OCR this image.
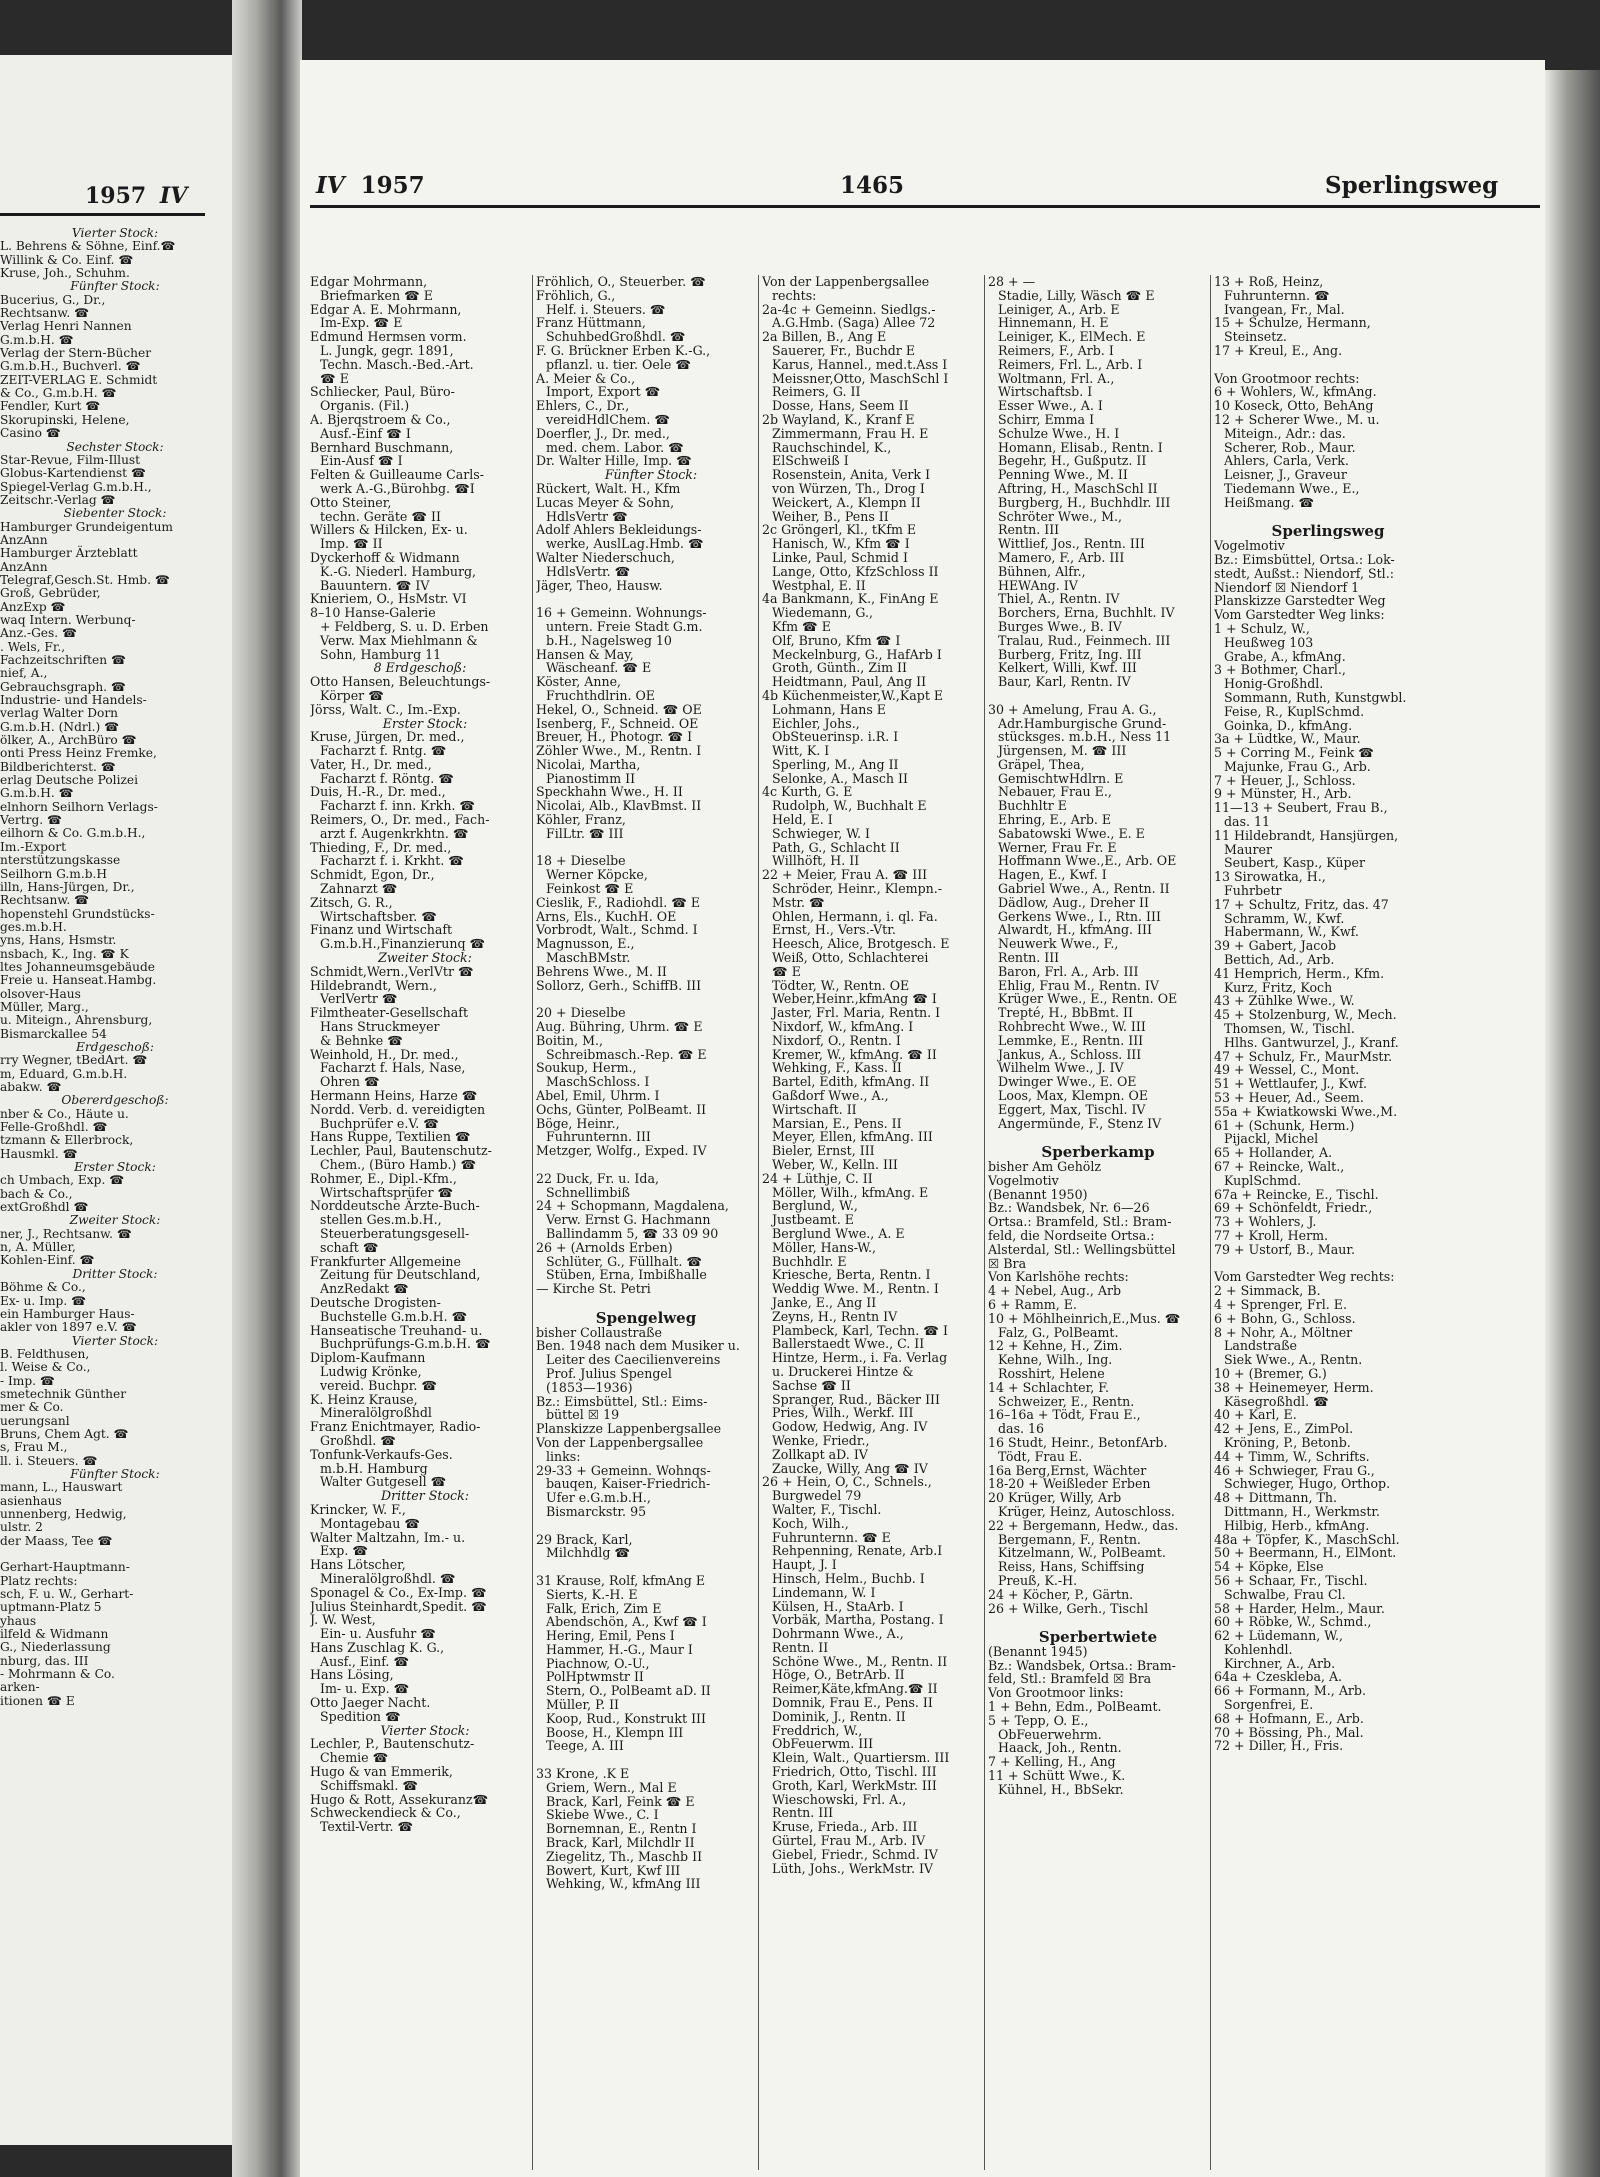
1957 IV
Vierter Stock:
L. Behrens & Söhne, Einf.☎
Willink & Co. Einf. ☎
Kruse, Joh., Schuhm.
Fünfter Stock:
Bucerius, G., Dr.,
Rechtsanw. ☎
Verlag Henri Nannen
G.m.b.H. ☎
Verlag der Stern-Bücher
G.m.b.H., Buchverl. ☎
ZEIT-VERLAG E. Schmidt
& Co., G.m.b.H. ☎
Fendler, Kurt ☎
Skorupinski, Helene,
Casino ☎
Sechster Stock:
Star-Revue, Film-Illust
Globus-Kartendienst ☎
Spiegel-Verlag G.m.b.H.,
Zeitschr.-Verlag ☎
Siebenter Stock:
Hamburger Grundeigentum
AnzAnn
Hamburger Ärzteblatt
AnzAnn
Telegraf,Gesch.St. Hmb. ☎
Groß, Gebrüder,
AnzExp ☎
waq Intern. Werbunq-
Anz.-Ges. ☎
. Wels, Fr.,
Fachzeitschriften ☎
nief, A.,
Gebrauchsgraph. ☎
Industrie- und Handels-
verlag Walter Dorn
G.m.b.H. (Ndrl.) ☎
ölker, A., ArchBüro ☎
onti Press Heinz Fremke,
Bildberichterst. ☎
erlag Deutsche Polizei
G.m.b.H. ☎
elnhorn Seilhorn Verlags-
Vertrg. ☎
eilhorn & Co. G.m.b.H.,
Im.-Export
nterstützungskasse
Seilhorn G.m.b.H
illn, Hans-Jürgen, Dr.,
Rechtsanw. ☎
hopenstehl Grundstücks-
ges.m.b.H.
yns, Hans, Hsmstr.
nsbach, K., Ing. ☎ K
ltes Johanneumsgebäude
Freie u. Hanseat.Hambg.
olsover-Haus
Müller, Marg.,
u. Miteign., Ahrensburg,
Bismarckallee 54
Erdgeschoß:
rry Wegner, tBedArt. ☎
m, Eduard, G.m.b.H.
abakw. ☎
Obererdgeschoß:
nber & Co., Häute u.
Felle-Großhdl. ☎
tzmann & Ellerbrock,
Hausmkl. ☎
Erster Stock:
ch Umbach, Exp. ☎
bach & Co.,
extGroßhdl ☎
Zweiter Stock:
ner, J., Rechtsanw. ☎
n, A. Müller,
Kohlen-Einf. ☎
Dritter Stock:
Böhme & Co.,
Ex- u. Imp. ☎
ein Hamburger Haus-
akler von 1897 e.V. ☎
Vierter Stock:
B. Feldthusen,
l. Weise & Co.,
- Imp. ☎
smetechnik Günther
mer & Co.
uerungsanl
Bruns, Chem Agt. ☎
s, Frau M.,
ll. i. Steuers. ☎
Fünfter Stock:
mann, L., Hauswart
asienhaus
unnenberg, Hedwig,
ulstr. 2
der Maass, Tee ☎

Gerhart-Hauptmann-
Platz rechts:
sch, F. u. W., Gerhart-
uptmann-Platz 5
yhaus
ilfeld & Widmann
G., Niederlassung
nburg, das. III
- Mohrmann & Co.
arken-
itionen ☎ E
IV 1957	1465	Sperlingsweg
Edgar Mohrmann,
Briefmarken ☎ E
Edgar A. E. Mohrmann,
Im-Exp. ☎ E
Edmund Hermsen vorm.
L. Jungk, gegr. 1891,
Techn. Masch.-Bed.-Art.
☎ E
Schliecker, Paul, Büro-
Organis. (Fil.)
A. Bjerqstroem & Co.,
Ausf.-Einf ☎ I
Bernhard Buschmann,
Ein-Ausf ☎ I
Felten & Guilleaume Carls-
werk A.-G.,Bürohbg. ☎I
Otto Steiner,
techn. Geräte ☎ II
Willers & Hilcken, Ex- u.
Imp. ☎ II
Dyckerhoff & Widmann
K.-G. Niederl. Hamburg,
Bauuntern. ☎ IV
Knieriem, O., HsMstr. VI
8–10 Hanse-Galerie
+ Feldberg, S. u. D. Erben
Verw. Max Miehlmann &
Sohn, Hamburg 11
8 Erdgeschoß:
Otto Hansen, Beleuchtungs-
Körper ☎
Jörss, Walt. C., Im.-Exp.
Erster Stock:
Kruse, Jürgen, Dr. med.,
Facharzt f. Rntg. ☎
Vater, H., Dr. med.,
Facharzt f. Röntg. ☎
Duis, H.-R., Dr. med.,
Facharzt f. inn. Krkh. ☎
Reimers, O., Dr. med., Fach-
arzt f. Augenkrkhtn. ☎
Thieding, F., Dr. med.,
Facharzt f. i. Krkht. ☎
Schmidt, Egon, Dr.,
Zahnarzt ☎
Zitsch, G. R.,
Wirtschaftsber. ☎
Finanz und Wirtschaft
G.m.b.H.,Finanzierunq ☎
Zweiter Stock:
Schmidt,Wern.,VerlVtr ☎
Hildebrandt, Wern.,
VerlVertr ☎
Filmtheater-Gesellschaft
Hans Struckmeyer
& Behnke ☎
Weinhold, H., Dr. med.,
Facharzt f. Hals, Nase,
Ohren ☎
Hermann Heins, Harze ☎
Nordd. Verb. d. vereidigten
Buchprüfer e.V. ☎
Hans Ruppe, Textilien ☎
Lechler, Paul, Bautenschutz-
Chem., (Büro Hamb.) ☎
Rohmer, E., Dipl.-Kfm.,
Wirtschaftsprüfer ☎
Norddeutsche Ärzte-Buch-
stellen Ges.m.b.H.,
Steuerberatungsgesell-
schaft ☎
Frankfurter Allgemeine
Zeitung für Deutschland,
AnzRedakt ☎
Deutsche Drogisten-
Buchstelle G.m.b.H. ☎
Hanseatische Treuhand- u.
Buchprüfungs-G.m.b.H. ☎
Diplom-Kaufmann
Ludwig Krönke,
vereid. Buchpr. ☎
K. Heinz Krause,
Mineralölgroßhdl
Franz Enichtmayer, Radio-
Großhdl. ☎
Tonfunk-Verkaufs-Ges.
m.b.H. Hamburg
Walter Gutgesell ☎
Dritter Stock:
Krincker, W. F.,
Montagebau ☎
Walter Maltzahn, Im.- u.
Exp. ☎
Hans Lötscher,
Mineralölgroßhdl. ☎
Sponagel & Co., Ex-Imp. ☎
Julius Steinhardt,Spedit. ☎
J. W. West,
Ein- u. Ausfuhr ☎
Hans Zuschlag K. G.,
Ausf., Einf. ☎
Hans Lösing,
Im- u. Exp. ☎
Otto Jaeger Nacht.
Spedition ☎
Vierter Stock:
Lechler, P., Bautenschutz-
Chemie ☎
Hugo & van Emmerik,
Schiffsmakl. ☎
Hugo & Rott, Assekuranz☎
Schweckendieck & Co.,
Textil-Vertr. ☎
Fröhlich, O., Steuerber. ☎
Fröhlich, G.,
Helf. i. Steuers. ☎
Franz Hüttmann,
SchuhbedGroßhdl. ☎
F. G. Brückner Erben K.-G.,
pflanzl. u. tier. Oele ☎
A. Meier & Co.,
Import, Export ☎
Ehlers, C., Dr.,
vereidHdlChem. ☎
Doerfler, J., Dr. med.,
med. chem. Labor. ☎
Dr. Walter Hille, Imp. ☎
Fünfter Stock:
Rückert, Walt. H., Kfm
Lucas Meyer & Sohn,
HdlsVertr ☎
Adolf Ahlers Bekleidungs-
werke, AuslLag.Hmb. ☎
Walter Niederschuch,
HdlsVertr. ☎
Jäger, Theo, Hausw.

16 + Gemeinn. Wohnungs-
untern. Freie Stadt G.m.
b.H., Nagelsweg 10
Hansen & May,
Wäscheanf. ☎ E
Köster, Anne,
Fruchthdlrin. OE
Hekel, O., Schneid. ☎ OE
Isenberg, F., Schneid. OE
Breuer, H., Photogr. ☎ I
Zöhler Wwe., M., Rentn. I
Nicolai, Martha,
Pianostimm II
Speckhahn Wwe., H. II
Nicolai, Alb., KlavBmst. II
Köhler, Franz,
FilLtr. ☎ III

18 + Dieselbe
Werner Köpcke,
Feinkost ☎ E
Cieslik, F., Radiohdl. ☎ E
Arns, Els., KuchH. OE
Vorbrodt, Walt., Schmd. I
Magnusson, E.,
MaschBMstr.
Behrens Wwe., M. II
Sollorz, Gerh., SchiffB. III

20 + Dieselbe
Aug. Bühring, Uhrm. ☎ E
Boitin, M.,
Schreibmasch.-Rep. ☎ E
Soukup, Herm.,
MaschSchloss. I
Abel, Emil, Uhrm. I
Ochs, Günter, PolBeamt. II
Böge, Heinr.,
Fuhrunternn. III
Metzger, Wolfg., Exped. IV

22 Duck, Fr. u. Ida,
Schnellimbiß
24 + Schopmann, Magdalena,
Verw. Ernst G. Hachmann
Ballindamm 5, ☎ 33 09 90
26 + (Arnolds Erben)
Schlüter, G., Füllhalt. ☎
Stüben, Erna, Imbißhalle
— Kirche St. Petri

Spengelweg
bisher Collaustraße
Ben. 1948 nach dem Musiker u.
Leiter des Caecilienvereins
Prof. Julius Spengel
(1853—1936)
Bz.: Eimsbüttel, Stl.: Eims-
büttel ☒ 19
Planskizze Lappenbergsallee
Von der Lappenbergsallee
links:
29-33 + Gemeinn. Wohnqs-
bauqen, Kaiser-Friedrich-
Ufer e.G.m.b.H.,
Bismarckstr. 95

29 Brack, Karl,
Milchhdlg ☎

31 Krause, Rolf, kfmAng E
Sierts, K.-H. E
Falk, Erich, Zim E
Abendschön, A., Kwf ☎ I
Hering, Emil, Pens I
Hammer, H.-G., Maur I
Piachnow, O.-U.,
PolHptwmstr II
Stern, O., PolBeamt aD. II
Müller, P. II
Koop, Rud., Konstrukt III
Boose, H., Klempn III
Teege, A. III

33 Krone, .K E
Griem, Wern., Mal E
Brack, Karl, Feink ☎ E
Skiebe Wwe., C. I
Bornemnan, E., Rentn I
Brack, Karl, Milchdlr II
Ziegelitz, Th., Maschb II
Bowert, Kurt, Kwf III
Wehking, W., kfmAng III
Von der Lappenbergsallee
rechts:
2a-4c + Gemeinn. Siedlgs.-
A.G.Hmb. (Saga) Allee 72
2a Billen, B., Ang E
Sauerer, Fr., Buchdr E
Karus, Hannel., med.t.Ass I
Meissner,Otto, MaschSchl I
Reimers, G. II
Dosse, Hans, Seem II
2b Wayland, K., Kranf E
Zimmermann, Frau H. E
Rauchschindel, K.,
ElSchweiß I
Rosenstein, Anita, Verk I
von Würzen, Th., Drog I
Weickert, A., Klempn II
Weiher, B., Pens II
2c Gröngerl, Kl., tKfm E
Hanisch, W., Kfm ☎ I
Linke, Paul, Schmid I
Lange, Otto, KfzSchloss II
Westphal, E. II
4a Bankmann, K., FinAng E
Wiedemann, G.,
Kfm ☎ E
Olf, Bruno, Kfm ☎ I
Meckelnburg, G., HafArb I
Groth, Günth., Zim II
Heidtmann, Paul, Ang II
4b Küchenmeister,W.,Kapt E
Lohmann, Hans E
Eichler, Johs.,
ObSteuerinsp. i.R. I
Witt, K. I
Sperling, M., Ang II
Selonke, A., Masch II
4c Kurth, G. E
Rudolph, W., Buchhalt E
Held, E. I
Schwieger, W. I
Path, G., Schlacht II
Willhöft, H. II
22 + Meier, Frau A. ☎ III
Schröder, Heinr., Klempn.-
Mstr. ☎
Ohlen, Hermann, i. ql. Fa.
Ernst, H., Vers.-Vtr.
Heesch, Alice, Brotgesch. E
Weiß, Otto, Schlachterei
☎ E
Tödter, W., Rentn. OE
Weber,Heinr.,kfmAng ☎ I
Jaster, Frl. Maria, Rentn. I
Nixdorf, W., kfmAng. I
Nixdorf, O., Rentn. I
Kremer, W., kfmAng. ☎ II
Wehking, F., Kass. II
Bartel, Edith, kfmAng. II
Gaßdorf Wwe., A.,
Wirtschaft. II
Marsian, E., Pens. II
Meyer, Ellen, kfmAng. III
Bieler, Ernst, III
Weber, W., Kelln. III
24 + Lüthje, C. II
Möller, Wilh., kfmAng. E
Berglund, W.,
Justbeamt. E
Berglund Wwe., A. E
Möller, Hans-W.,
Buchhdlr. E
Kriesche, Berta, Rentn. I
Weddig Wwe. M., Rentn. I
Janke, E., Ang II
Zeyns, H., Rentn IV
Plambeck, Karl, Techn. ☎ I
Ballerstaedt Wwe., C. II
Hintze, Herm., i. Fa. Verlag
u. Druckerei Hintze &
Sachse ☎ II
Spranger, Rud., Bäcker III
Pries, Wilh., Werkf. III
Godow, Hedwig, Ang. IV
Wenke, Friedr.,
Zollkapt aD. IV
Zaucke, Willy, Ang ☎ IV
26 + Hein, O, C., Schnels.,
Burgwedel 79
Walter, F., Tischl.
Koch, Wilh.,
Fuhrunternn. ☎ E
Rehpenning, Renate, Arb.I
Haupt, J. I
Hinsch, Helm., Buchb. I
Lindemann, W. I
Külsen, H., StaArb. I
Vorbäk, Martha, Postang. I
Dohrmann Wwe., A.,
Rentn. II
Schöne Wwe., M., Rentn. II
Höge, O., BetrArb. II
Reimer,Käte,kfmAng.☎ II
Domnik, Frau E., Pens. II
Dominik, J., Rentn. II
Freddrich, W.,
ObFeuerwm. III
Klein, Walt., Quartiersm. III
Friedrich, Otto, Tischl. III
Groth, Karl, WerkMstr. III
Wieschowski, Frl. A.,
Rentn. III
Kruse, Frieda., Arb. III
Gürtel, Frau M., Arb. IV
Giebel, Friedr., Schmd. IV
Lüth, Johs., WerkMstr. IV
28 + —
Stadie, Lilly, Wäsch ☎ E
Leiniger, A., Arb. E
Hinnemann, H. E
Leiniger, K., ElMech. E
Reimers, F., Arb. I
Reimers, Frl. L., Arb. I
Woltmann, Frl. A.,
Wirtschaftsb. I
Esser Wwe., A. I
Schirr, Emma I
Schulze Wwe., H. I
Homann, Elisab., Rentn. I
Begehr, H., Gußputz. II
Penning Wwe., M. II
Aftring, H., MaschSchl II
Burgberg, H., Buchhdlr. III
Schröter Wwe., M.,
Rentn. III
Wittlief, Jos., Rentn. III
Mamero, F., Arb. III
Bühnen, Alfr.,
HEWAng. IV
Thiel, A., Rentn. IV
Borchers, Erna, Buchhlt. IV
Burges Wwe., B. IV
Tralau, Rud., Feinmech. III
Burberg, Fritz, Ing. III
Kelkert, Willi, Kwf. III
Baur, Karl, Rentn. IV

30 + Amelung, Frau A. G.,
Adr.Hamburgische Grund-
stücksges. m.b.H., Ness 11
Jürgensen, M. ☎ III
Gräpel, Thea,
GemischtwHdlrn. E
Nebauer, Frau E.,
Buchhltr E
Ehring, E., Arb. E
Sabatowski Wwe., E. E
Werner, Frau Fr. E
Hoffmann Wwe.,E., Arb. OE
Hagen, E., Kwf. I
Gabriel Wwe., A., Rentn. II
Dädlow, Aug., Dreher II
Gerkens Wwe., I., Rtn. III
Alwardt, H., kfmAng. III
Neuwerk Wwe., F.,
Rentn. III
Baron, Frl. A., Arb. III
Ehlig, Frau M., Rentn. IV
Krüger Wwe., E., Rentn. OE
Trepté, H., BbBmt. II
Rohbrecht Wwe., W. III
Lemmke, E., Rentn. III
Jankus, A., Schloss. III
Wilhelm Wwe., J. IV
Dwinger Wwe., E. OE
Loos, Max, Klempn. OE
Eggert, Max, Tischl. IV
Angermünde, F., Stenz IV

Sperberkamp
bisher Am Gehölz
Vogelmotiv
(Benannt 1950)
Bz.: Wandsbek, Nr. 6—26
Ortsa.: Bramfeld, Stl.: Bram-
feld, die Nordseite Ortsa.:
Alsterdal, Stl.: Wellingsbüttel
☒ Bra
Von Karlshöhe rechts:
4 + Nebel, Aug., Arb
6 + Ramm, E.
10 + Möhlheinrich,E.,Mus. ☎
Falz, G., PolBeamt.
12 + Kehne, H., Zim.
Kehne, Wilh., Ing.
Rosshirt, Helene
14 + Schlachter, F.
Schweizer, E., Rentn.
16–16a + Tödt, Frau E.,
das. 16
16 Studt, Heinr., BetonfArb.
Tödt, Frau E.
16a Berg,Ernst, Wächter
18-20 + Weißleder Erben
20 Krüger, Willy, Arb
Krüger, Heinz, Autoschloss.
22 + Bergemann, Hedw., das.
Bergemann, F., Rentn.
Kitzelmann, W., PolBeamt.
Reiss, Hans, Schiffsing
Preuß, K.-H.
24 + Köcher, P., Gärtn.
26 + Wilke, Gerh., Tischl

Sperbertwiete
(Benannt 1945)
Bz.: Wandsbek, Ortsa.: Bram-
feld, Stl.: Bramfeld ☒ Bra
Von Grootmoor links:
1 + Behn, Edm., PolBeamt.
5 + Tepp, O. E.,
ObFeuerwehrm.
Haack, Joh., Rentn.
7 + Kelling, H., Ang
11 + Schütt Wwe., K.
Kühnel, H., BbSekr.
13 + Roß, Heinz,
Fuhrunternn. ☎
Ivangean, Fr., Mal.
15 + Schulze, Hermann,
Steinsetz.
17 + Kreul, E., Ang.

Von Grootmoor rechts:
6 + Wohlers, W., kfmAng.
10 Koseck, Otto, BehAng
12 + Scherer Wwe., M. u.
Miteign., Adr.: das.
Scherer, Rob., Maur.
Ahlers, Carla, Verk.
Leisner, J., Graveur
Tiedemann Wwe., E.,
Heißmang. ☎

Sperlingsweg
Vogelmotiv
Bz.: Eimsbüttel, Ortsa.: Lok-
stedt, Außst.: Niendorf, Stl.:
Niendorf ☒ Niendorf 1
Planskizze Garstedter Weg
Vom Garstedter Weg links:
1 + Schulz, W.,
Heußweg 103
Grabe, A., kfmAng.
3 + Bothmer, Charl.,
Honig-Großhdl.
Sommann, Ruth, Kunstgwbl.
Feise, R., KuplSchmd.
Goinka, D., kfmAng.
3a + Lüdtke, W., Maur.
5 + Corring M., Feink ☎
Majunke, Frau G., Arb.
7 + Heuer, J., Schloss.
9 + Münster, H., Arb.
11—13 + Seubert, Frau B.,
das. 11
11 Hildebrandt, Hansjürgen,
Maurer
Seubert, Kasp., Küper
13 Sirowatka, H.,
Fuhrbetr
17 + Schultz, Fritz, das. 47
Schramm, W., Kwf.
Habermann, W., Kwf.
39 + Gabert, Jacob
Bettich, Ad., Arb.
41 Hemprich, Herm., Kfm.
Kurz, Fritz, Koch
43 + Zühlke Wwe., W.
45 + Stolzenburg, W., Mech.
Thomsen, W., Tischl.
Hlhs. Gantwurzel, J., Kranf.
47 + Schulz, Fr., MaurMstr.
49 + Wessel, C., Mont.
51 + Wettlaufer, J., Kwf.
53 + Heuer, Ad., Seem.
55a + Kwiatkowski Wwe.,M.
61 + (Schunk, Herm.)
Pijackl, Michel
65 + Hollander, A.
67 + Reincke, Walt.,
KuplSchmd.
67a + Reincke, E., Tischl.
69 + Schönfeldt, Friedr.,
73 + Wohlers, J.
77 + Kroll, Herm.
79 + Ustorf, B., Maur.

Vom Garstedter Weg rechts:
2 + Simmack, B.
4 + Sprenger, Frl. E.
6 + Bohn, G., Schloss.
8 + Nohr, A., Möltner
Landstraße
Siek Wwe., A., Rentn.
10 + (Bremer, G.)
38 + Heinemeyer, Herm.
Käsegroßhdl. ☎
40 + Karl, E.
42 + Jens, E., ZimPol.
Kröning, P., Betonb.
44 + Timm, W., Schrifts.
46 + Schwieger, Frau G.,
Schwieger, Hugo, Orthop.
48 + Dittmann, Th.
Dittmann, H., Werkmstr.
Hilbig, Herb., kfmAng.
48a + Töpfer, K., MaschSchl.
50 + Beermann, H., ElMont.
54 + Köpke, Else
56 + Schaar, Fr., Tischl.
Schwalbe, Frau Cl.
58 + Harder, Helm., Maur.
60 + Röbke, W., Schmd.,
62 + Lüdemann, W.,
Kohlenhdl.
Kirchner, A., Arb.
64a + Czeskleba, A.
66 + Formann, M., Arb.
Sorgenfrei, E.
68 + Hofmann, E., Arb.
70 + Bössing, Ph., Mal.
72 + Diller, H., Fris.
